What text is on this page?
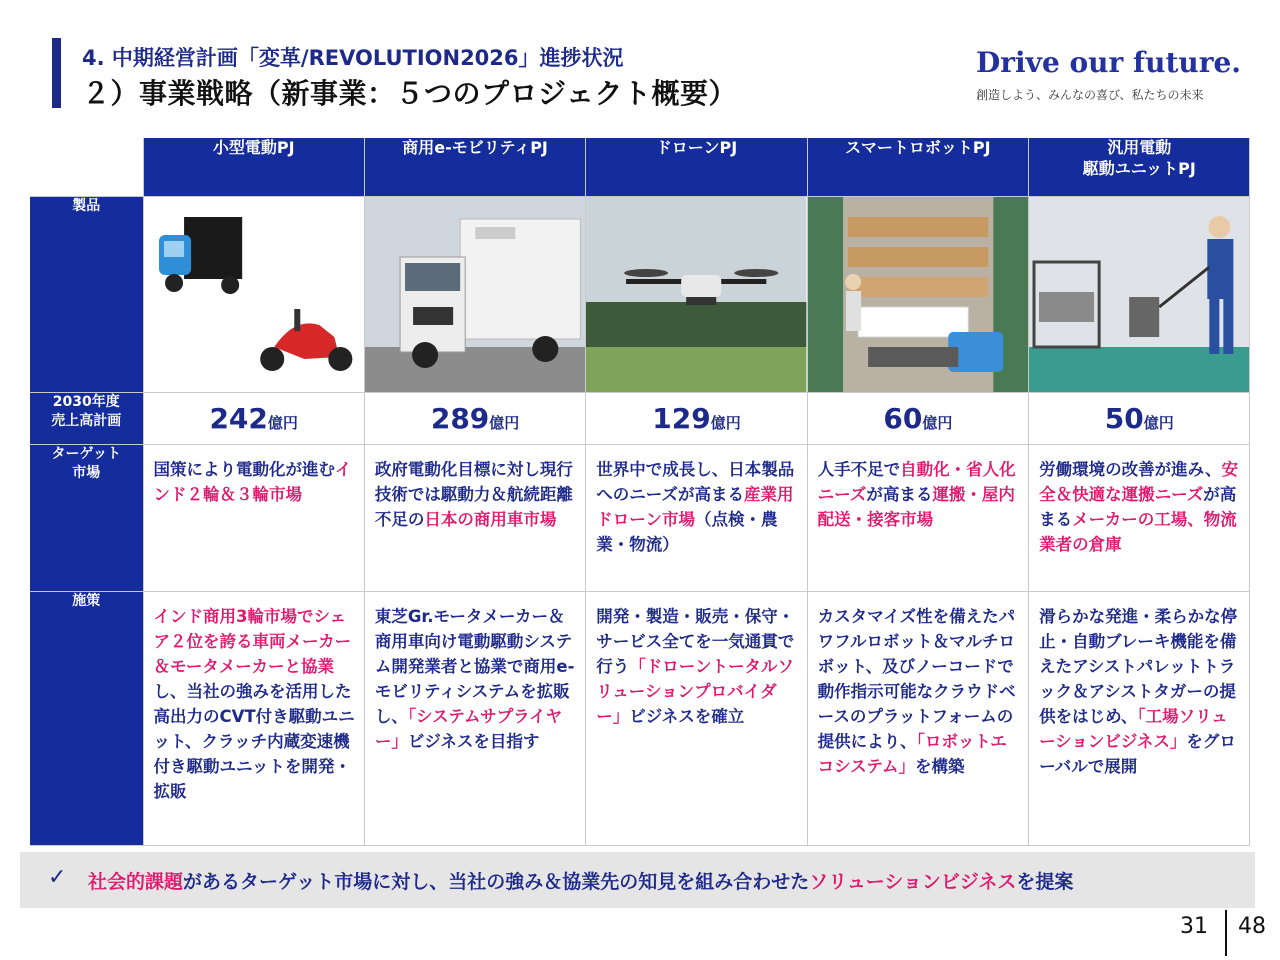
4. 中期経営計画「変革/REVOLUTION2026」進捗状況
２）事業戦略（新事業：５つのプロジェクト概要）
Drive our future.
創造しよう、みんなの喜び、私たちの未来
	小型電動PJ	商用e-モビリティPJ	ドローンPJ	スマートロボットPJ	汎用電動
駆動ユニットPJ
製品	

2030年度
売上高計画	242億円	289億円	129億円	60億円	50億円
ターゲット
市場	国策により電動化が進むインド２輪＆３輪市場	政府電動化目標に対し現行技術では駆動力＆航続距離不足の日本の商用車市場	世界中で成長し、日本製品へのニーズが高まる産業用ドローン市場（点検・農業・物流）	人手不足で自動化・省人化ニーズが高まる運搬・屋内配送・接客市場	労働環境の改善が進み、安全＆快適な運搬ニーズが高まるメーカーの工場、物流業者の倉庫
施策	インド商用3輪市場でシェア２位を誇る車両メーカー＆モータメーカーと協業し、当社の強みを活用した高出力のCVT付き駆動ユニット、クラッチ内蔵変速機付き駆動ユニットを開発・拡販	東芝Gr.モータメーカー＆商用車向け電動駆動システム開発業者と協業で商用e-モビリティシステムを拡販し、「システムサプライヤー」ビジネスを目指す	開発・製造・販売・保守・サービス全てを一気通貫で行う「ドローントータルソリューションプロバイダー」ビジネスを確立	カスタマイズ性を備えたパワフルロボット＆マルチロボット、及びノーコードで動作指示可能なクラウドベースのプラットフォームの提供により、「ロボットエコシステム」を構築	滑らかな発進・柔らかな停止・自動ブレーキ機能を備えたアシストパレットトラック＆アシストタガーの提供をはじめ、「工場ソリューションビジネス」をグローバルで展開
✓ 社会的課題があるターゲット市場に対し、当社の強み＆協業先の知見を組み合わせたソリューションビジネスを提案
31 48
